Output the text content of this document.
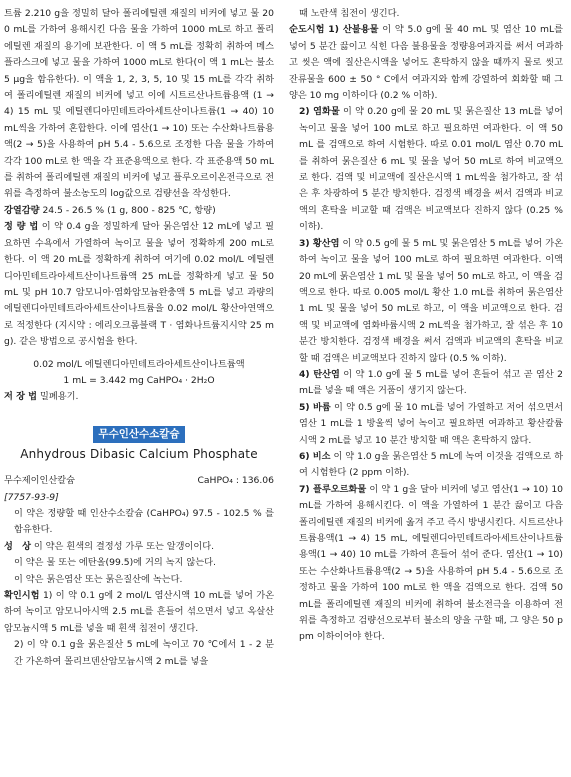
트륨 2.210 g을 정밀히 달아 폴리에틸렌 재질의 비커에 넣고 물 200 mL를 가하여 용해시킨 다음 물을 가하여 1000 mL로 하고 폴리에틸렌 재질의 용기에 보관한다. 이 액 5 mL를 정확히 취하여 메스플라스크에 넣고 물을 가하여 1000 mL로 한다(이 액 1 mL는 불소 5 μg을 함유한다). 이 액을 1, 2, 3, 5, 10 및 15 mL를 각각 취하여 폴리에틸렌 재질의 비커에 넣고 이에 시트르산나트륨용액 (1 → 4) 15 mL 및 에틸렌디아민테트라아세트산이나트륨(1 → 40) 10 mL씩을 가하여 혼합한다. 이에 염산(1 → 10) 또는 수산화나트륨용액(2 → 5)을 사용하여 pH 5.4 - 5.6으로 조정한 다음 물을 가하여 각각 100 mL로 한 액을 각 표준용액으로 한다. 각 표준용액 50 mL를 취하여 폴리에틸렌 재질의 비커에 넣고 플루오르이온전극으로 전위를 측정하여 불소농도의 log값으로 검량선을 작성한다.

강열감량 24.5 - 26.5 % (1 g, 800 - 825 ℃, 항량)

정 량 법 이 약 0.4 g을 정밀하게 달아 묽은염산 12 mL에 넣고 필요하면 수욕에서 가열하여 녹이고 물을 넣어 정확하게 200 mL로 한다. 이 액 20 mL를 정확하게 취하여 여기에 0.02 mol/L 에틸렌디아민테트라아세트산이나트륨액 25 mL를 정확하게 넣고 물 50 mL 및 pH 10.7 암모니아·염화암모늄완충액 5 mL를 넣고 과량의 에틸렌디아민테트라아세트산이나트륨을 0.02 mol/L 황산아연액으로 적정한다 (지시약 : 에리오크롬블랙 T · 염화나트륨지시약 25 mg). 같은 방법으로 공시험을 한다.

0.02 mol/L 에틸렌디아민테트라아세트산이나트륨액

1 mL = 3.442 mg CaHPO₄ · 2H₂O

저 장 법 밀폐용기.

무수인산수소칼슘
Anhydrous Dibasic Calcium Phosphate
무수제이인산칼슘	CaHPO₄ : 136.06

[7757-93-9]

이 약은 정량할 때 인산수소칼슘 (CaHPO₄) 97.5 - 102.5 % 를 함유한다.

성　상 이 약은 흰색의 결정성 가루 또는 알갱이이다.

이 약은 물 또는 에탄올(99.5)에 거의 녹지 않는다.

이 약은 묽은염산 또는 묽은질산에 녹는다.

확인시험 1) 이 약 0.1 g에 2 mol/L 염산시액 10 mL를 넣어 가온하여 녹이고 암모니아시액 2.5 mL를 흔들어 섞으면서 넣고 옥살산암모늄시액 5 mL를 넣을 때 흰색 침전이 생긴다.

2) 이 약 0.1 g을 묽은질산 5 mL에 녹이고 70 ℃에서 1 - 2 분간 가온하여 몰리브덴산암모늄시액 2 mL를 넣을

때 노란색 침전이 생긴다.

순도시험 1) 산불용물 이 약 5.0 g에 물 40 mL 및 염산 10 mL를 넣어 5 분간 끓이고 식힌 다음 불용물을 정량용여과지를 써서 여과하고 씻은 액에 질산은시액을 넣어도 혼탁하지 않을 때까지 물로 씻고 잔류물을 600 ± 50 ° C에서 여과지와 함께 강열하여 회화할 때 그 양은 10 mg 이하이다 (0.2 % 이하).

2) 염화물 이 약 0.20 g에 물 20 mL 및 묽은질산 13 mL를 넣어 녹이고 물을 넣어 100 mL로 하고 필요하면 여과한다. 이 액 50 mL 를 검액으로 하여 시험한다. 따로 0.01 mol/L 염산 0.70 mL를 취하여 묽은질산 6 mL 및 물을 넣어 50 mL로 하여 비교액으로 한다. 검액 및 비교액에 질산은시액 1 mL씩을 첨가하고, 잘 섞은 후 차광하여 5 분간 방치한다. 검정색 배경을 써서 검액과 비교액의 혼탁을 비교할 때 검액은 비교액보다 진하지 않다 (0.25 % 이하).

3) 황산염 이 약 0.5 g에 물 5 mL 및 묽은염산 5 mL를 넣어 가온하여 녹이고 물을 넣어 100 mL로 하여 필요하면 여과한다. 이액 20 mL에 묽은염산 1 mL 및 물을 넣어 50 mL로 하고, 이 액을 검액으로 한다. 따로 0.005 mol/L 황산 1.0 mL를 취하여 묽은염산 1 mL 및 물을 넣어 50 mL로 하고, 이 액을 비교액으로 한다. 검액 및 비교액에 염화바륨시액 2 mL씩을 첨가하고, 잘 섞은 후 10 분간 방치한다. 검정색 배경을 써서 검액과 비교액의 혼탁을 비교할 때 검액은 비교액보다 진하지 않다 (0.5 % 이하).

4) 탄산염 이 약 1.0 g에 물 5 mL를 넣어 흔들어 섞고 곧 염산 2 mL를 넣을 때 액은 거품이 생기지 않는다.

5) 바륨 이 약 0.5 g에 물 10 mL를 넣어 가열하고 저어 섞으면서 염산 1 mL를 1 방울씩 넣어 녹이고 필요하면 여과하고 황산칼륨시액 2 mL를 넣고 10 분간 방치할 때 액은 혼탁하지 않다.

6) 비소 이 약 1.0 g을 묽은염산 5 mL에 녹여 이것을 검액으로 하여 시험한다 (2 ppm 이하).

7) 플루오르화물 이 약 1 g을 달아 비커에 넣고 염산(1 → 10) 10 mL를 가하여 용해시킨다. 이 액을 가열하여 1 분간 끓이고 다음 폴리에틸렌 재질의 비커에 옮겨 주고 즉시 방냉시킨다. 시트르산나트륨용액(1 → 4) 15 mL, 에틸렌디아민테트라아세트산이나트륨용액(1 → 40) 10 mL를 가하여 흔들어 섞어 준다. 염산(1 → 10) 또는 수산화나트륨용액(2 → 5)을 사용하여 pH 5.4 - 5.6으로 조정하고 물을 가하여 100 mL로 한 액을 검액으로 한다. 검액 50 mL를 폴리에틸렌 재질의 비커에 취하여 불소전극을 이용하여 전위를 측정하고 검량선으로부터 불소의 양을 구할 때, 그 양은 50 ppm 이하이어야 한다.
